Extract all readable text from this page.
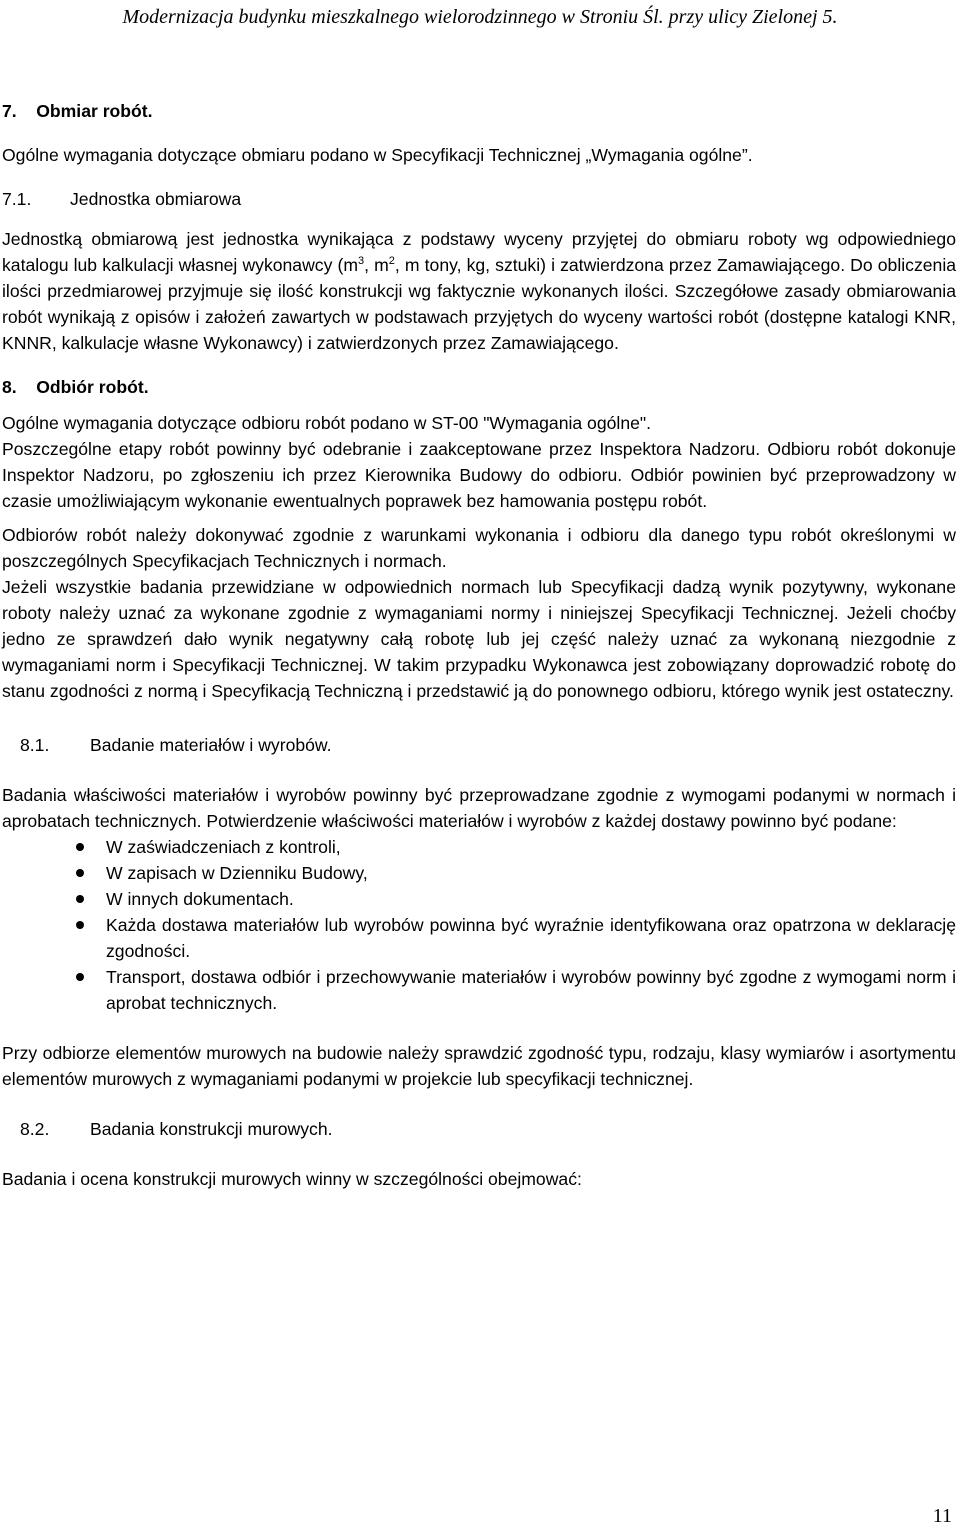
Modernizacja budynku mieszkalnego wielorodzinnego w Stroniu Śl. przy ulicy Zielonej 5.

7.    Obmiar robót.

Ogólne wymagania dotyczące obmiaru podano w Specyfikacji Technicznej „Wymagania ogólne”.

7.1.	Jednostka obmiarowa

Jednostką obmiarową jest jednostka wynikająca z podstawy wyceny przyjętej do obmiaru roboty wg odpowiedniego katalogu lub kalkulacji własnej wykonawcy ($m^3$, $m^2$, m tony, kg, sztuki) i zatwierdzona przez Zamawiającego. Do obliczenia ilości przedmiarowej przyjmuje się ilość konstrukcji wg faktycznie wykonanych ilości. Szczegółowe zasady obmiarowania robót wynikają z opisów i założeń zawartych w podstawach przyjętych do wyceny wartości robót (dostępne katalogi KNR, KNNR, kalkulacje własne Wykonawcy) i zatwierdzonych przez Zamawiającego.

8.    Odbiór robót.

Ogólne wymagania dotyczące odbioru robót podano w ST-00 "Wymagania ogólne".

Poszczególne etapy robót powinny być odebranie i zaakceptowane przez Inspektora Nadzoru. Odbioru robót dokonuje Inspektor Nadzoru, po zgłoszeniu ich przez Kierownika Budowy do odbioru. Odbiór powinien być przeprowadzony w czasie umożliwiającym wykonanie ewentualnych poprawek bez hamowania postępu robót.

Odbiorów robót należy dokonywać zgodnie z warunkami wykonania i odbioru dla danego typu robót określonymi w poszczególnych Specyfikacjach Technicznych i normach.

Jeżeli wszystkie badania przewidziane w odpowiednich normach lub Specyfikacji dadzą wynik pozytywny, wykonane roboty należy uznać za wykonane zgodnie z wymaganiami normy i niniejszej Specyfikacji Technicznej. Jeżeli choćby jedno ze sprawdzeń dało wynik negatywny całą robotę lub jej część należy uznać za wykonaną niezgodnie z wymaganiami norm i Specyfikacji Technicznej. W takim przypadku Wykonawca jest zobowiązany doprowadzić robotę do stanu zgodności z normą i Specyfikacją Techniczną i przedstawić ją do ponownego odbioru, którego wynik jest ostateczny.

8.1.	Badanie materiałów i wyrobów.

Badania właściwości materiałów i wyrobów powinny być przeprowadzane zgodnie z wymogami podanymi w normach i aprobatach technicznych. Potwierdzenie właściwości materiałów i wyrobów z każdej dostawy powinno być podane:

W zaświadczeniach z kontroli,
W zapisach w Dzienniku Budowy,
W innych dokumentach.
Każda dostawa materiałów lub wyrobów powinna być wyraźnie identyfikowana oraz opatrzona w deklarację zgodności.
Transport, dostawa odbiór i przechowywanie materiałów i wyrobów powinny być zgodne z wymogami norm i aprobat technicznych.

Przy odbiorze elementów murowych na budowie należy sprawdzić zgodność typu, rodzaju, klasy wymiarów i asortymentu elementów murowych z wymaganiami podanymi w projekcie lub specyfikacji technicznej.

8.2.	Badania konstrukcji murowych.

Badania i ocena konstrukcji murowych winny w szczególności obejmować:

11
